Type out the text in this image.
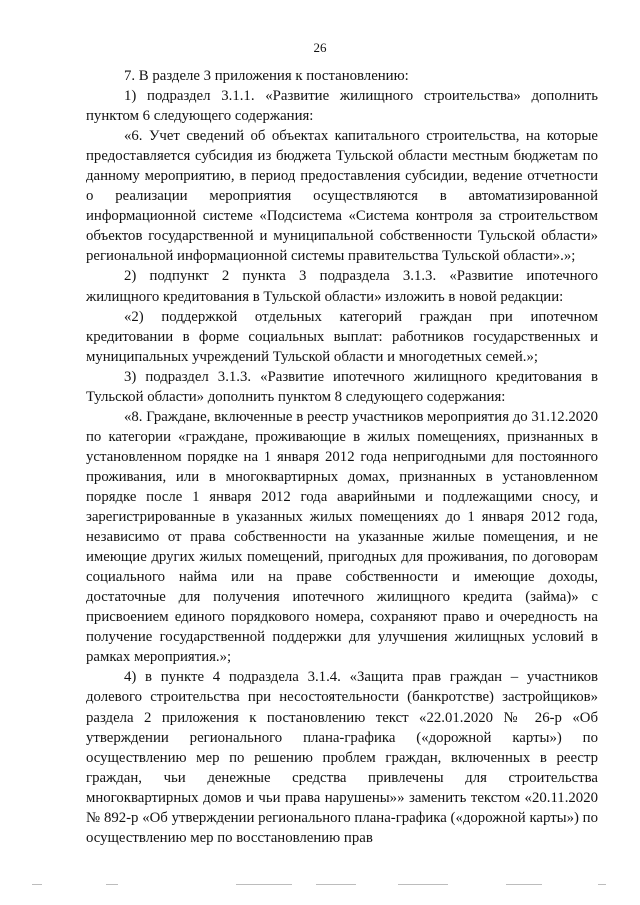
26

7. В разделе 3 приложения к постановлению:

1) подраздел 3.1.1. «Развитие жилищного строительства» дополнить пунктом 6 следующего содержания:

«6. Учет сведений об объектах капитального строительства, на которые предоставляется субсидия из бюджета Тульской области местным бюджетам по данному мероприятию, в период предоставления субсидии, ведение отчетности о реализации мероприятия осуществляются в автоматизированной информационной системе «Подсистема «Система контроля за строительством объектов государственной и муниципальной собственности Тульской области» региональной информационной системы правительства Тульской области».»;

2) подпункт 2 пункта 3 подраздела 3.1.3. «Развитие ипотечного жилищного кредитования в Тульской области» изложить в новой редакции:

«2) поддержкой отдельных категорий граждан при ипотечном кредитовании в форме социальных выплат: работников государственных и муниципальных учреждений Тульской области и многодетных семей.»;

3) подраздел 3.1.3. «Развитие ипотечного жилищного кредитования в Тульской области» дополнить пунктом 8 следующего содержания:

«8. Граждане, включенные в реестр участников мероприятия до 31.12.2020 по категории «граждане, проживающие в жилых помещениях, признанных в установленном порядке на 1 января 2012 года непригодными для постоянного проживания, или в многоквартирных домах, признанных в установленном порядке после 1 января 2012 года аварийными и подлежащими сносу, и зарегистрированные в указанных жилых помещениях до 1 января 2012 года, независимо от права собственности на указанные жилые помещения, и не имеющие других жилых помещений, пригодных для проживания, по договорам социального найма или на праве собственности и имеющие доходы, достаточные для получения ипотечного жилищного кредита (займа)» с присвоением единого порядкового номера, сохраняют право и очередность на получение государственной поддержки для улучшения жилищных условий в рамках мероприятия.»;

4) в пункте 4 подраздела 3.1.4. «Защита прав граждан – участников долевого строительства при несостоятельности (банкротстве) застройщиков» раздела 2 приложения к постановлению текст «22.01.2020 № 26-р «Об утверждении регионального плана-графика («дорожной карты») по осуществлению мер по решению проблем граждан, включенных в реестр граждан, чьи денежные средства привлечены для строительства многоквартирных домов и чьи права нарушены»» заменить текстом «20.11.2020 № 892-р «Об утверждении регионального плана-графика («дорожной карты») по осуществлению мер по восстановлению прав
